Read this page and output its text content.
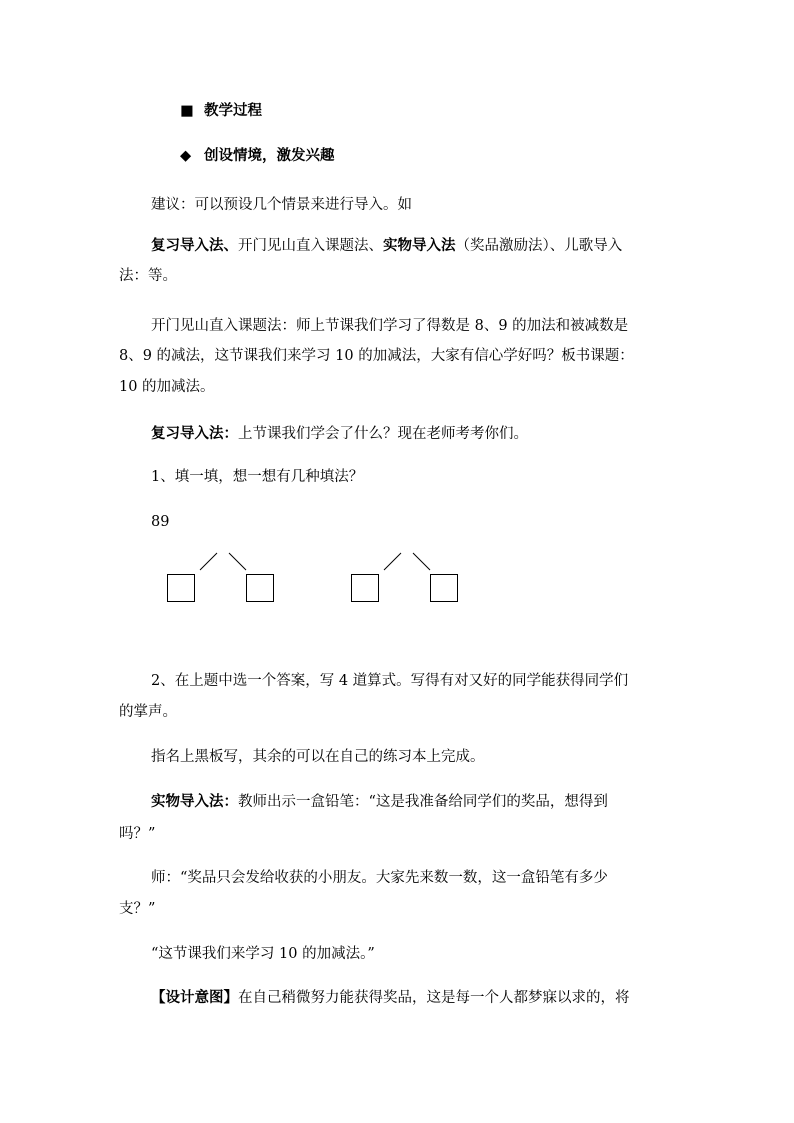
■ 教学过程
◆ 创设情境，激发兴趣
建议：可以预设几个情景来进行导入。如
复习导入法、开门见山直入课题法、实物导入法（奖品激励法）、儿歌导入
法：等。
开门见山直入课题法：师上节课我们学习了得数是 8、9 的加法和被减数是
8、9 的减法，这节课我们来学习 10 的加减法，大家有信心学好吗？板书课题：
10 的加减法。
复习导入法：上节课我们学会了什么？现在老师考考你们。
1、填一填，想一想有几种填法？
89
2、在上题中选一个答案，写 4 道算式。写得有对又好的同学能获得同学们
的掌声。
指名上黑板写，其余的可以在自己的练习本上完成。
实物导入法：教师出示一盒铅笔：“这是我准备给同学们的奖品，想得到
吗？”
师：“奖品只会发给收获的小朋友。大家先来数一数，这一盒铅笔有多少
支？”
“这节课我们来学习 10 的加减法。”
【设计意图】在自己稍微努力能获得奖品，这是每一个人都梦寐以求的，将
